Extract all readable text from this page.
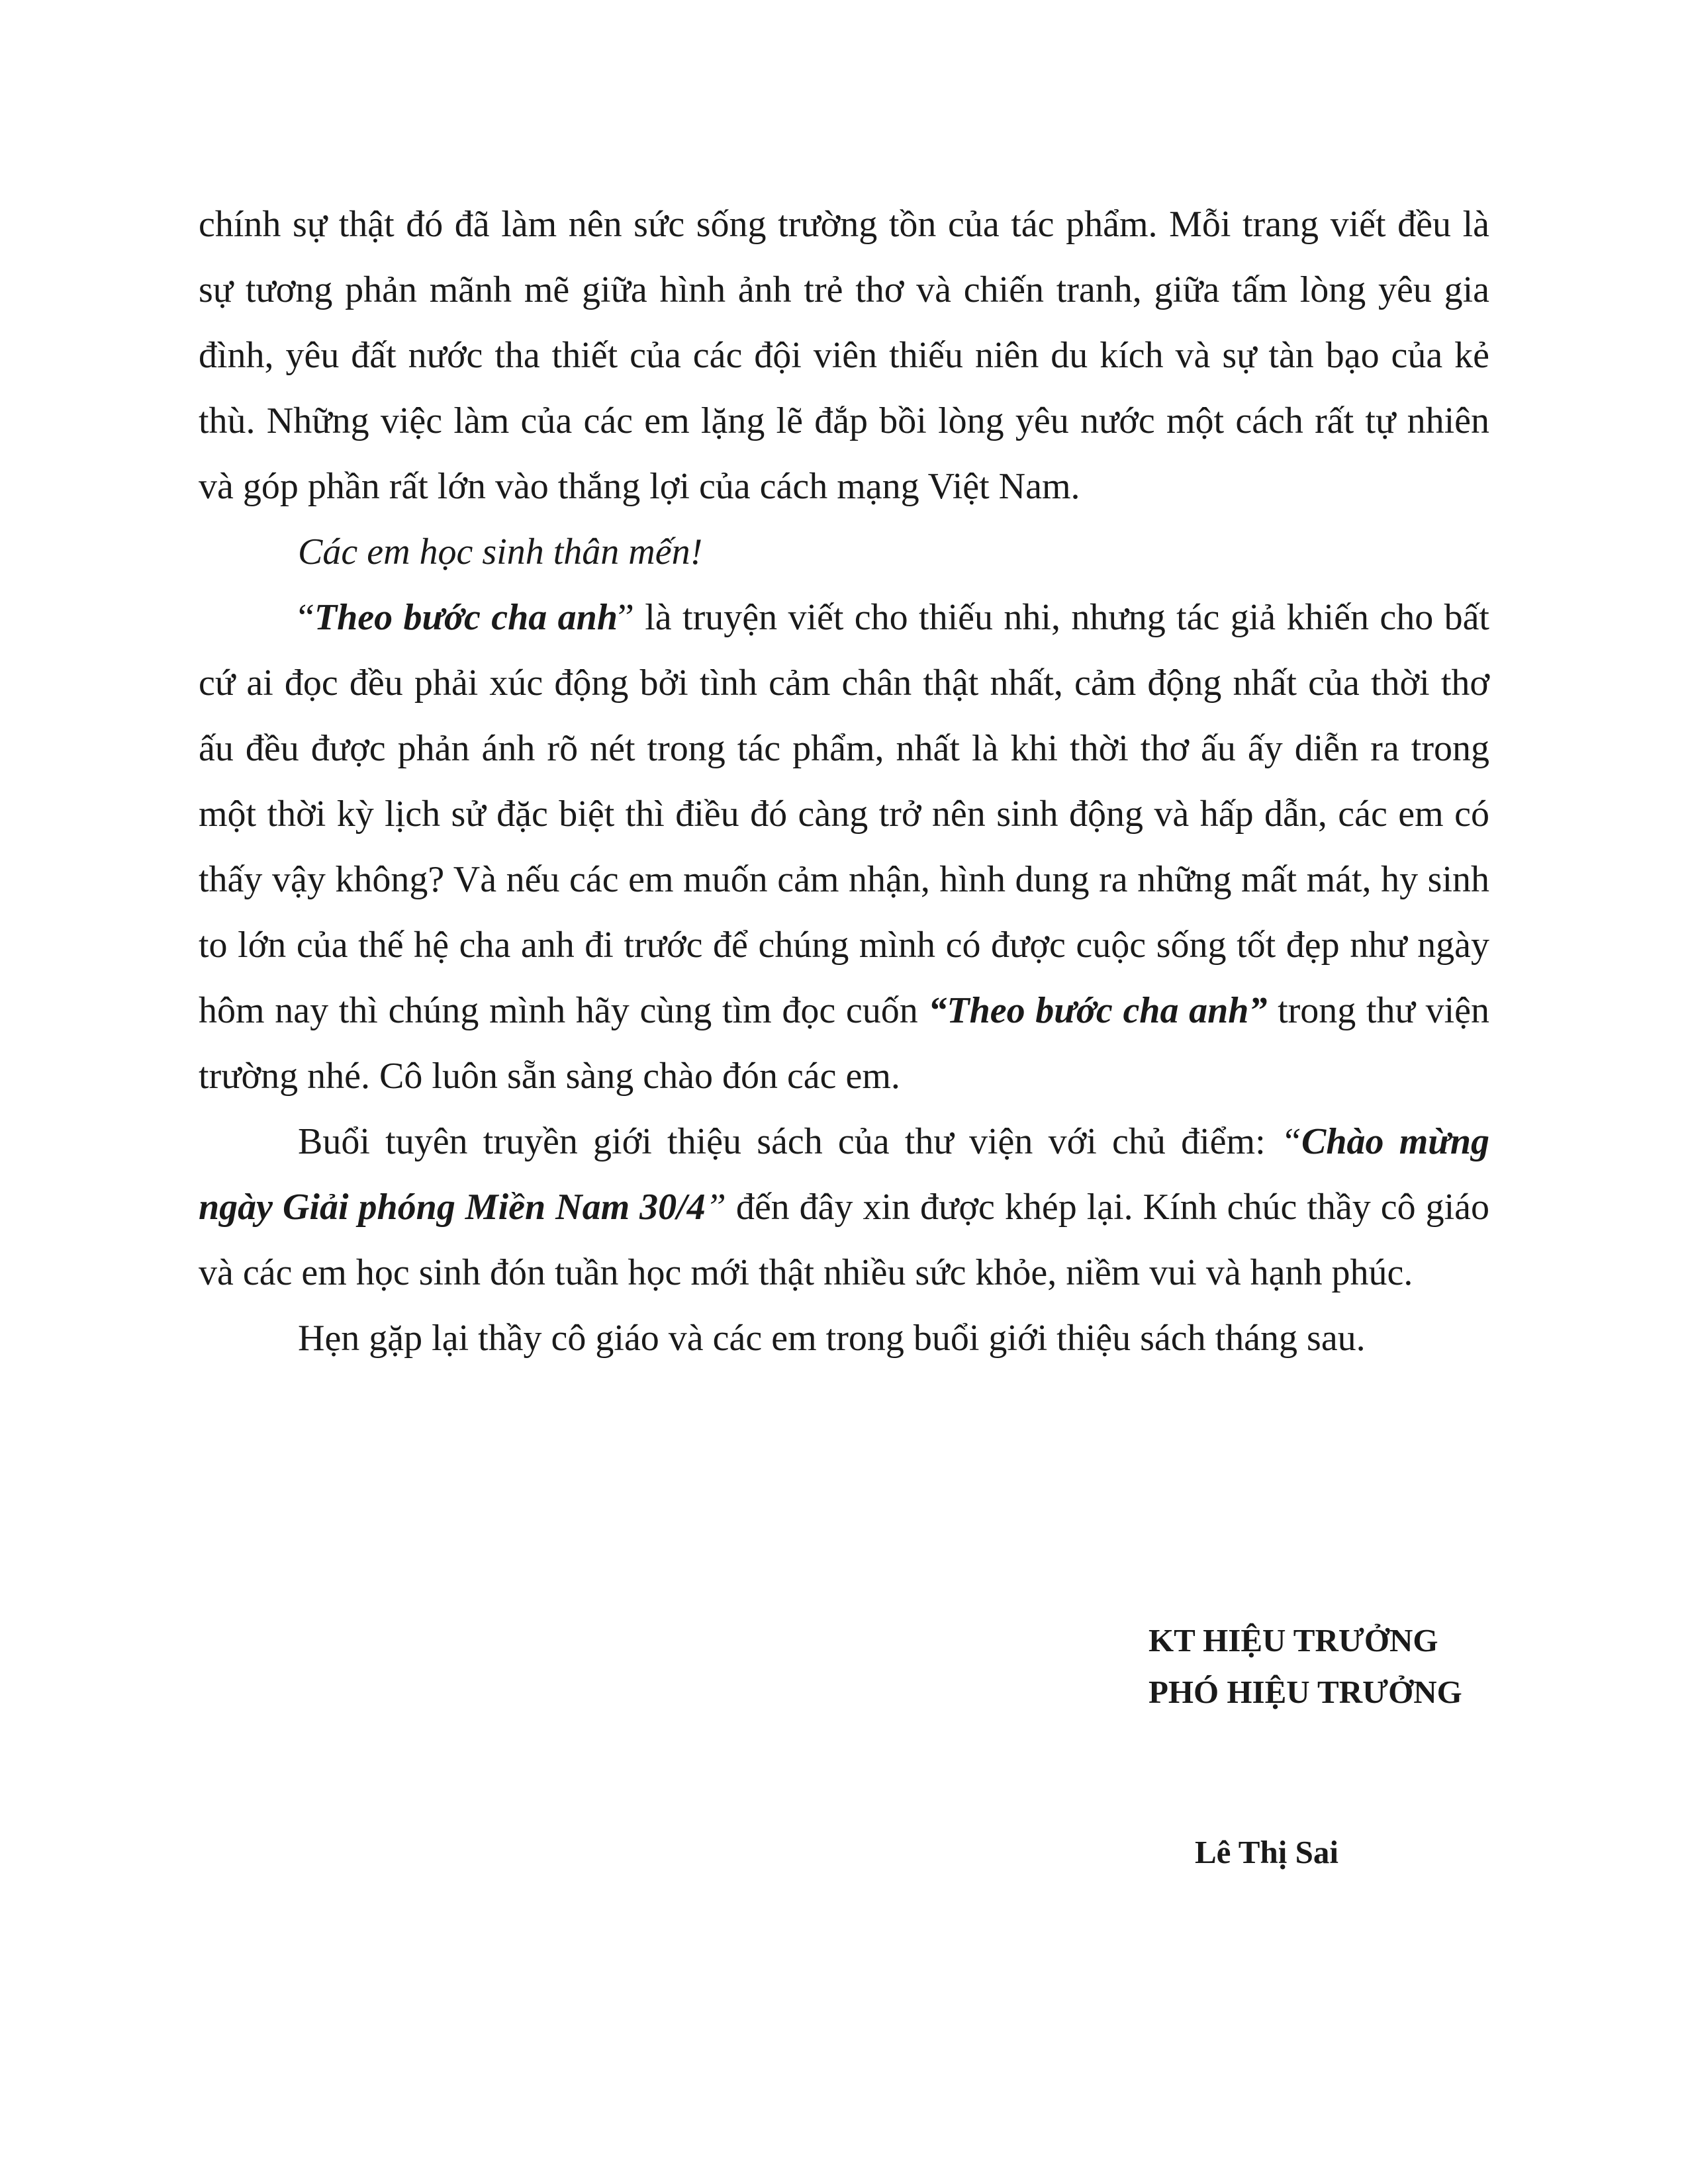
chính sự thật đó đã làm nên sức sống trường tồn của tác phẩm. Mỗi trang viết đều là sự tương phản mãnh mẽ giữa hình ảnh trẻ thơ và chiến tranh, giữa tấm lòng yêu gia đình, yêu đất nước tha thiết của các đội viên thiếu niên du kích và sự tàn bạo của kẻ thù. Những việc làm của các em lặng lẽ đắp bồi lòng yêu nước một cách rất tự nhiên và góp phần rất lớn vào thắng lợi của cách mạng Việt Nam.

Các em học sinh thân mến!

“Theo bước cha anh” là truyện viết cho thiếu nhi, nhưng tác giả khiến cho bất cứ ai đọc đều phải xúc động bởi tình cảm chân thật nhất, cảm động nhất của thời thơ ấu đều được phản ánh rõ nét trong tác phẩm, nhất là khi thời thơ ấu ấy diễn ra trong một thời kỳ lịch sử đặc biệt thì điều đó càng trở nên sinh động và hấp dẫn, các em có thấy vậy không? Và nếu các em muốn cảm nhận, hình dung ra những mất mát, hy sinh to lớn của thế hệ cha anh đi trước để chúng mình có được cuộc sống tốt đẹp như ngày hôm nay thì chúng mình hãy cùng tìm đọc cuốn “Theo bước cha anh” trong thư viện trường nhé. Cô luôn sẵn sàng chào đón các em.

Buổi tuyên truyền giới thiệu sách của thư viện với chủ điểm: “Chào mừng ngày Giải phóng Miền Nam 30/4” đến đây xin được khép lại. Kính chúc thầy cô giáo và các em học sinh đón tuần học mới thật nhiều sức khỏe, niềm vui và hạnh phúc.

Hẹn gặp lại thầy cô giáo và các em trong buổi giới thiệu sách tháng sau.

KT HIỆU TRƯỞNG
PHÓ HIỆU TRƯỞNG
Lê Thị Sai
